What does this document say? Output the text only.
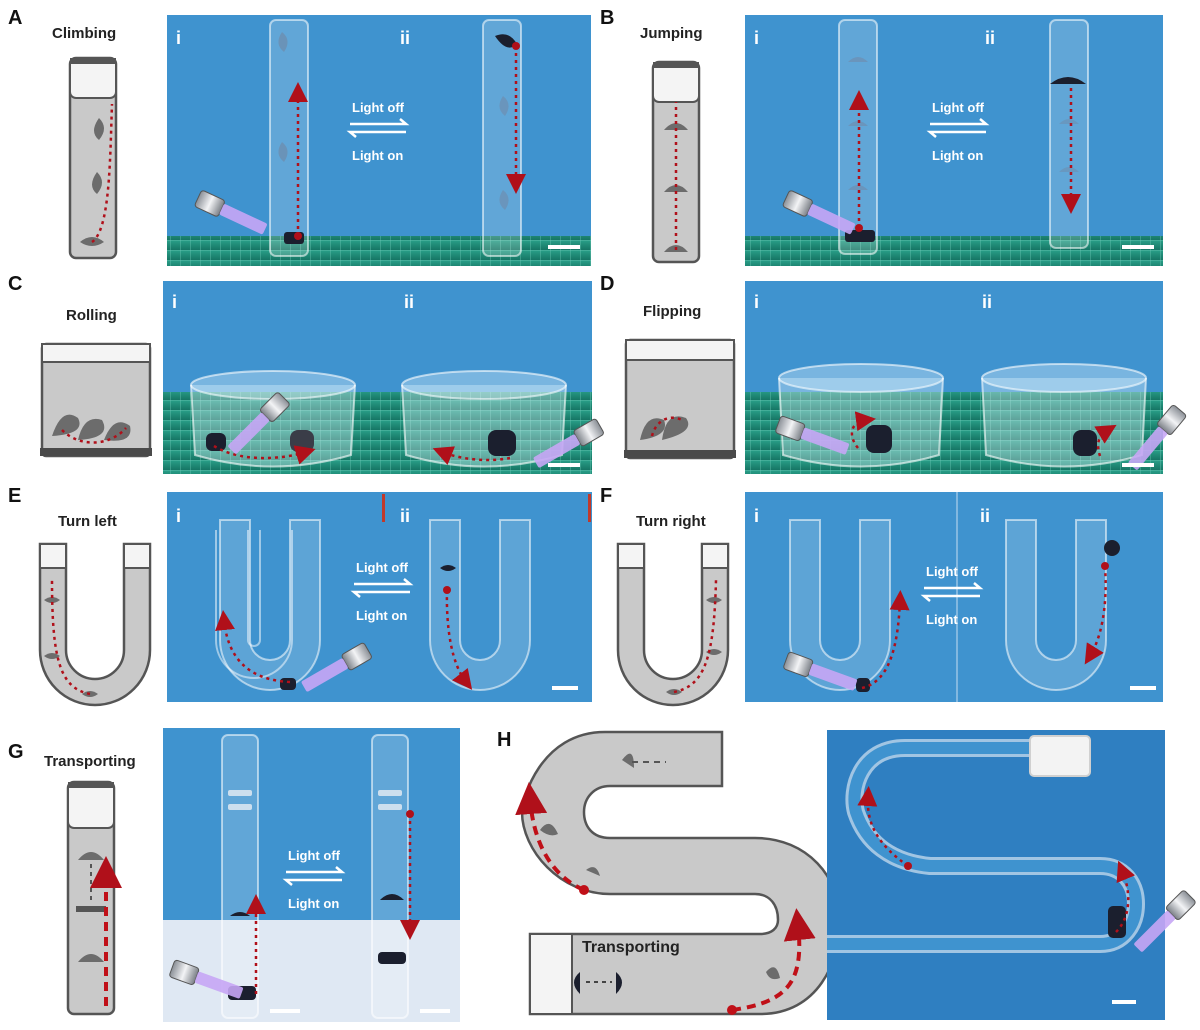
A
Climbing	i	ii
Light off
Light on
B
Jumping	i	ii
Light off
Light on
C
Rolling
i	ii
D
Flipping	i	ii
E
Turn left	i	ii
Light off
Light on
F
Turn right	i	ii
Light off
Light on
G Transporting
Light off
Light on
H
Transporting
